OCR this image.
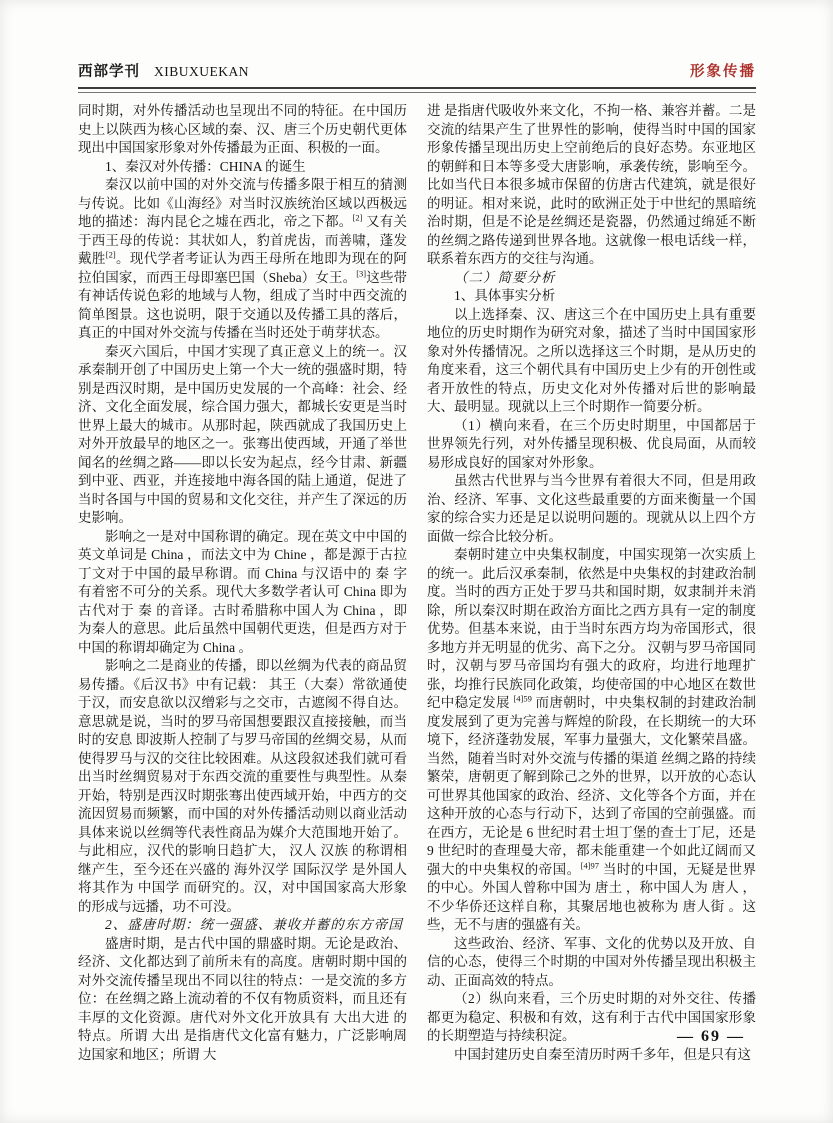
西部学刊 XIBUXUEKAN	形象传播

同时期，对外传播活动也呈现出不同的特征。在中国历史上以陕西为核心区域的秦、汉、唐三个历史朝代更体现出中国国家形象对外传播最为正面、积极的一面。

1、秦汉对外传播：CHINA 的诞生

秦汉以前中国的对外交流与传播多限于相互的猜测与传说。比如《山海经》对当时汉族统治区域以西极远地的描述：海内昆仑之墟在西北，帝之下都。[2] 又有关于西王母的传说：其状如人，豹首虎齿，而善啸，蓬发戴胜[2]。现代学者考证认为西王母所在地即为现在的阿拉伯国家，而西王母即塞巴国（Sheba）女王。[3]这些带有神话传说色彩的地域与人物，组成了当时中西交流的简单图景。这也说明，限于交通以及传播工具的落后，真正的中国对外交流与传播在当时还处于萌芽状态。

秦灭六国后，中国才实现了真正意义上的统一。汉承秦制开创了中国历史上第一个大一统的强盛时期，特别是西汉时期，是中国历史发展的一个高峰：社会、经济、文化全面发展，综合国力强大，都城长安更是当时世界上最大的城市。从那时起，陕西就成了我国历史上对外开放最早的地区之一。张骞出使西域，开通了举世闻名的丝绸之路——即以长安为起点，经今甘肃、新疆到中亚、西亚，并连接地中海各国的陆上通道，促进了当时各国与中国的贸易和文化交往，并产生了深远的历史影响。

影响之一是对中国称谓的确定。现在英文中中国的英文单词是 China ，而法文中为 Chine ，都是源于古拉丁文对于中国的最早称谓。而 China 与汉语中的 秦 字有着密不可分的关系。现代大多数学者认可 China 即为古代对于 秦 的音译。古时希腊称中国人为 China ，即为秦人的意思。此后虽然中国朝代更迭，但是西方对于中国的称谓却确定为 China 。

影响之二是商业的传播，即以丝绸为代表的商品贸易传播。《后汉书》中有记载： 其王（大秦）常欲通使于汉，而安息欲以汉缯彩与之交市，古遮阂不得自达。 意思就是说，当时的罗马帝国想要跟汉直接接触，而当时的安息 即波斯人控制了与罗马帝国的丝绸交易，从而使得罗马与汉的交往比较困难。从这段叙述我们就可看出当时丝绸贸易对于东西交流的重要性与典型性。从秦开始，特别是西汉时期张骞出使西域开始，中西方的交流因贸易而频繁，而中国的对外传播活动则以商业活动 具体来说以丝绸等代表性商品为媒介大范围地开始了。与此相应，汉代的影响日趋扩大， 汉人 汉族 的称谓相继产生，至今还在兴盛的 海外汉学 国际汉学 是外国人将其作为 中国学 而研究的。汉，对中国国家高大形象的形成与远播，功不可没。

2、盛唐时期：统一强盛、兼收并蓄的东方帝国

盛唐时期，是古代中国的鼎盛时期。无论是政治、经济、文化都达到了前所未有的高度。唐朝时期中国的对外交流传播呈现出不同以往的特点：一是交流的多方位：在丝绸之路上流动着的不仅有物质资料，而且还有丰厚的文化资源。唐代对外文化开放具有 大出大进 的特点。所谓 大出 是指唐代文化富有魅力，广泛影响周边国家和地区；所谓 大

进 是指唐代吸收外来文化，不拘一格、兼容并蓄。二是交流的结果产生了世界性的影响，使得当时中国的国家形象传播呈现出历史上空前绝后的良好态势。东亚地区的朝鲜和日本等多受大唐影响，承袭传统，影响至今。比如当代日本很多城市保留的仿唐古代建筑，就是很好的明证。相对来说，此时的欧洲正处于中世纪的黑暗统治时期，但是不论是丝绸还是瓷器，仍然通过绵延不断的丝绸之路传递到世界各地。这就像一根电话线一样，联系着东西方的交往与沟通。

（二）简要分析

1、具体事实分析

以上选择秦、汉、唐这三个在中国历史上具有重要地位的历史时期作为研究对象，描述了当时中国国家形象对外传播情况。之所以选择这三个时期，是从历史的角度来看，这三个朝代具有中国历史上少有的开创性或者开放性的特点，历史文化对外传播对后世的影响最大、最明显。现就以上三个时期作一简要分析。

（1）横向来看，在三个历史时期里，中国都居于世界领先行列，对外传播呈现积极、优良局面，从而较易形成良好的国家对外形象。

虽然古代世界与当今世界有着很大不同，但是用政治、经济、军事、文化这些最重要的方面来衡量一个国家的综合实力还是足以说明问题的。现就从以上四个方面做一综合比较分析。

秦朝时建立中央集权制度，中国实现第一次实质上的统一。此后汉承秦制，依然是中央集权的封建政治制度。当时的西方正处于罗马共和国时期，奴隶制并未消除，所以秦汉时期在政治方面比之西方具有一定的制度优势。但基本来说，由于当时东西方均为帝国形式，很多地方并无明显的优劣、高下之分。 汉朝与罗马帝国同时，汉朝与罗马帝国均有强大的政府，均进行地理扩张，均推行民族同化政策，均使帝国的中心地区在数世纪中稳定发展 $^{[4]59}$ 而唐朝时，中央集权制的封建政治制度发展到了更为完善与辉煌的阶段，在长期统一的大环境下，经济蓬勃发展，军事力量强大，文化繁荣昌盛。当然，随着当时对外交流与传播的渠道 丝绸之路的持续繁荣，唐朝更了解到除己之外的世界，以开放的心态认可世界其他国家的政治、经济、文化等各个方面，并在这种开放的心态与行动下，达到了帝国的空前强盛。而 在西方，无论是 6 世纪时君士坦丁堡的查士丁尼，还是 9 世纪时的查理曼大帝，都未能重建一个如此辽阔而又强大的中央集权的帝国。$^{[4]97}$ 当时的中国，无疑是世界的中心。外国人曾称中国为 唐土 ，称中国人为 唐人 ，不少华侨还这样自称，其聚居地也被称为 唐人街 。这些，无不与唐的强盛有关。

这些政治、经济、军事、文化的优势以及开放、自信的心态，使得三个时期的中国对外传播呈现出积极主动、正面高效的特点。

（2）纵向来看，三个历史时期的对外交往、传播都更为稳定、积极和有效，这有利于古代中国国家形象的长期塑造与持续积淀。

中国封建历史自秦至清历时两千多年，但是只有这

— 69 —
